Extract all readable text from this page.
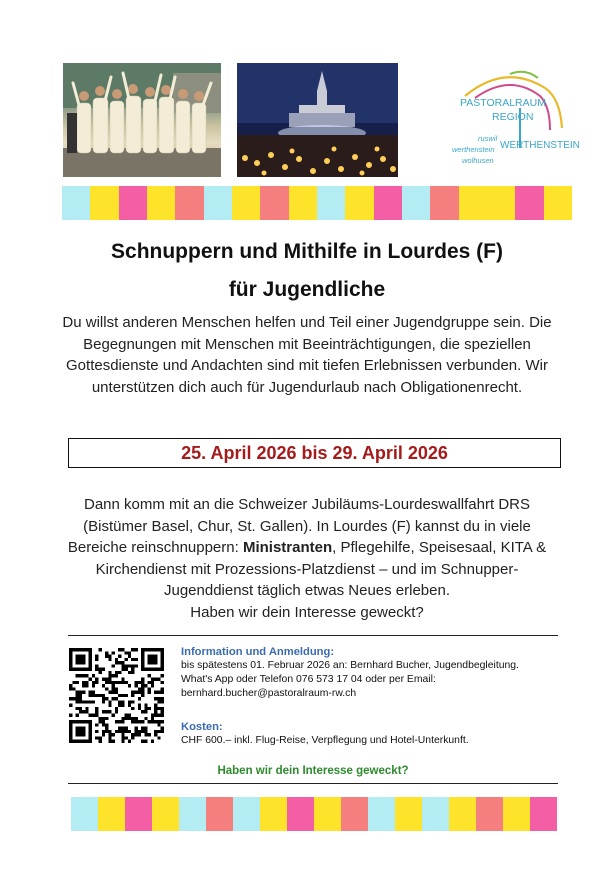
PASTORALRAUM
REGION
WERTHENSTEIN
ruswil
werthenstein
wolhusen
Schnuppern und Mithilfe in Lourdes (F)
für Jugendliche
Du willst anderen Menschen helfen und Teil einer Jugendgruppe sein. Die Begegnungen mit Menschen mit Beeinträchtigungen, die speziellen Gottesdienste und Andachten sind mit tiefen Erlebnissen verbunden. Wir unterstützen dich auch für Jugendurlaub nach Obligationenrecht.
25. April 2026 bis 29. April 2026
Dann komm mit an die Schweizer Jubiläums-Lourdeswallfahrt DRS (Bistümer Basel, Chur, St. Gallen). In Lourdes (F) kannst du in viele Bereiche reinschnuppern: Ministranten, Pflegehilfe, Speisesaal, KITA & Kirchendienst mit Prozessions-Platzdienst – und im Schnupper-Jugenddienst täglich etwas Neues erleben.
Haben wir dein Interesse geweckt?
Information und Anmeldung:
bis spätestens 01. Februar 2026 an: Bernhard Bucher, Jugendbegleitung.
What's App oder Telefon 076 573 17 04 oder per Email:
bernhard.bucher@pastoralraum-rw.ch
Kosten:
CHF 600.– inkl. Flug-Reise, Verpflegung und Hotel-Unterkunft.
Haben wir dein Interesse geweckt?
